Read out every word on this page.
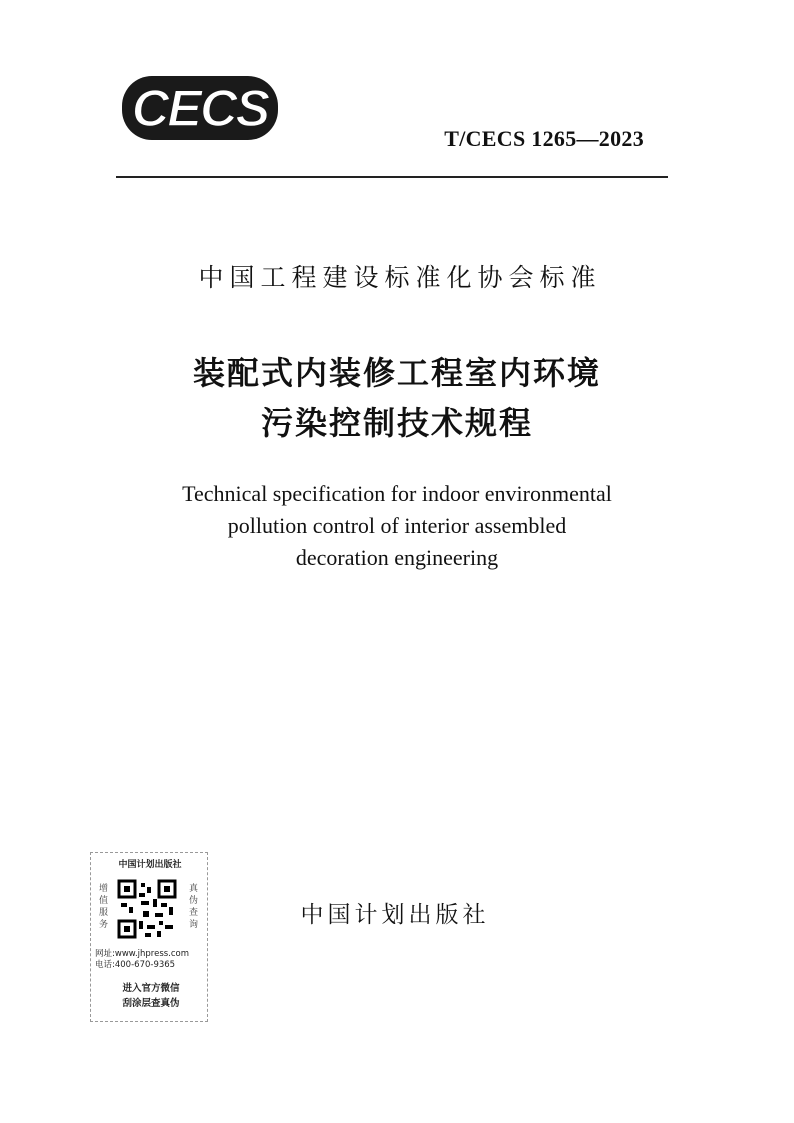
CECS
T/CECS 1265—2023
中国工程建设标准化协会标准
装配式内装修工程室内环境
污染控制技术规程
Technical specification for indoor environmental
pollution control of interior assembled
decoration engineering
中国计划出版社
中国计划出版社
增值服务
真伪查询
网址:www.jhpress.com
电话:400-670-9365
进入官方微信
刮涂层查真伪
